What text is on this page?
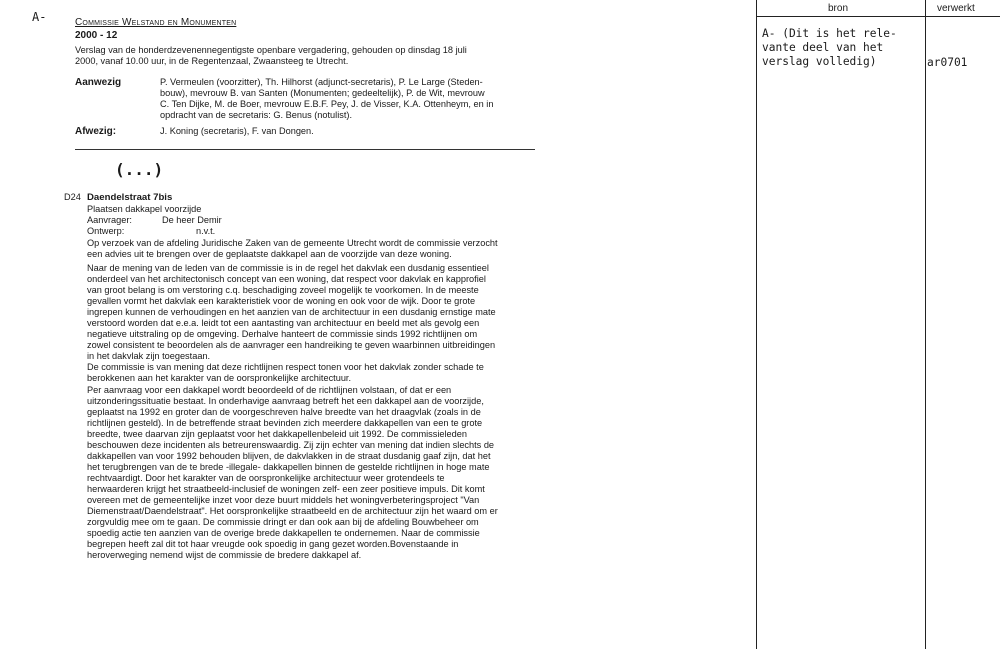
A-	Commissie Welstand en Monumenten
2000 - 12
Verslag van de honderdzevenennegentigste openbare vergadering, gehouden op dinsdag 18 juli
2000, vanaf 10.00 uur, in de Regentenzaal, Zwaansteeg te Utrecht.
Aanwezig	P. Vermeulen (voorzitter), Th. Hilhorst (adjunct-secretaris), P. Le Large (Steden-
bouw), mevrouw B. van Santen (Monumenten; gedeeltelijk), P. de Wit, mevrouw
C. Ten Dijke, M. de Boer, mevrouw E.B.F. Pey, J. de Visser, K.A. Ottenheym, en in
opdracht van de secretaris: G. Benus (notulist).
Afwezig:	J. Koning (secretaris), F. van Dongen.
(...)
D24 Daendelstraat 7bis
Plaatsen dakkapel voorzijde
Aanvrager:	De heer Demir
Ontwerp:	n.v.t.
Op verzoek van de afdeling Juridische Zaken van de gemeente Utrecht wordt de commissie verzocht
een advies uit te brengen over de geplaatste dakkapel aan de voorzijde van deze woning.
Naar de mening van de leden van de commissie is in de regel het dakvlak een dusdanig essentieel
onderdeel van het architectonisch concept van een woning, dat respect voor dakvlak en kapprofiel
van groot belang is om verstoring c.q. beschadiging zoveel mogelijk te voorkomen. In de meeste
gevallen vormt het dakvlak een karakteristiek voor de woning en ook voor de wijk. Door te grote
ingrepen kunnen de verhoudingen en het aanzien van de architectuur in een dusdanig ernstige mate
verstoord worden dat e.e.a. leidt tot een aantasting van architectuur en beeld met als gevolg een
negatieve uitstraling op de omgeving. Derhalve hanteert de commissie sinds 1992 richtlijnen om
zowel consistent te beoordelen als de aanvrager een handreiking te geven waarbinnen uitbreidingen
in het dakvlak zijn toegestaan.
De commissie is van mening dat deze richtlijnen respect tonen voor het dakvlak zonder schade te
berokkenen aan het karakter van de oorspronkelijke architectuur.
Per aanvraag voor een dakkapel wordt beoordeeld of de richtlijnen volstaan, of dat er een
uitzonderingssituatie bestaat. In onderhavige aanvraag betreft het een dakkapel aan de voorzijde,
geplaatst na 1992 en groter dan de voorgeschreven halve breedte van het draagvlak (zoals in de
richtlijnen gesteld). In de betreffende straat bevinden zich meerdere dakkapellen van een te grote
breedte, twee daarvan zijn geplaatst voor het dakkapellenbeleid uit 1992. De commissieleden
beschouwen deze incidenten als betreurenswaardig. Zij zijn echter van mening dat indien slechts de
dakkapellen van voor 1992 behouden blijven, de dakvlakken in de straat dusdanig gaaf zijn, dat het
het terugbrengen van de te brede -illegale- dakkapellen binnen de gestelde richtlijnen in hoge mate
rechtvaardigt. Door het karakter van de oorspronkelijke architectuur weer grotendeels te
herwaarderen krijgt het straatbeeld-inclusief de woningen zelf- een zeer positieve impuls. Dit komt
overeen met de gemeentelijke inzet voor deze buurt middels het woningverbeteringsproject "Van
Diemenstraat/Daendelstraat". Het oorspronkelijke straatbeeld en de architectuur zijn het waard om er
zorgvuldig mee om te gaan. De commissie dringt er dan ook aan bij de afdeling Bouwbeheer om
spoedig actie ten aanzien van de overige brede dakkapellen te ondernemen. Naar de commissie
begrepen heeft zal dit tot haar vreugde ook spoedig in gang gezet worden.Bovenstaande in
heroverweging nemend wijst de commissie de bredere dakkapel af.
bron	verwerkt
A- (Dit is het rele-
vante deel van het
verslag volledig)	ar0701
